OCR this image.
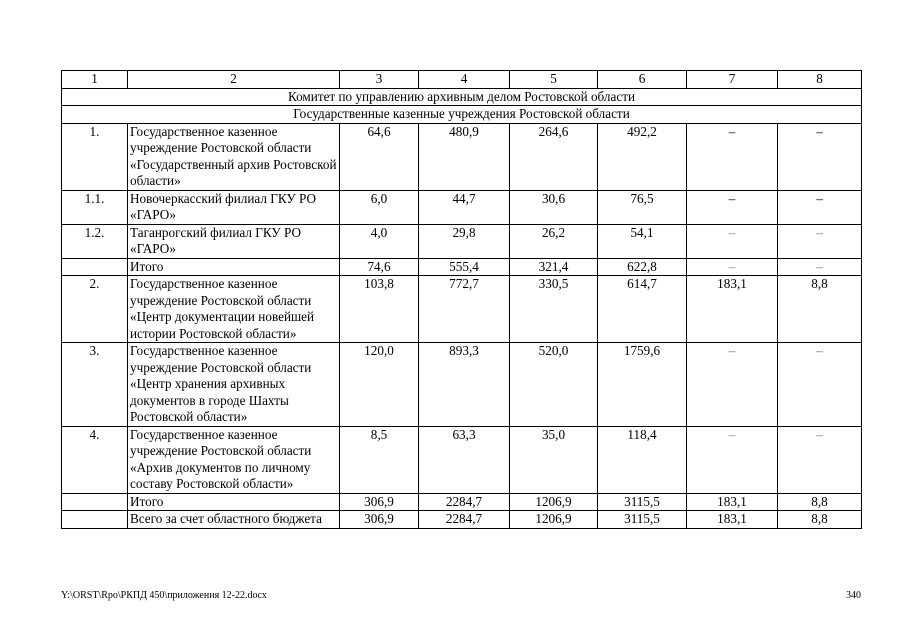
1	2	3	4	5	6	7	8
Комитет по управлению архивным делом Ростовской области							
Государственные казенные учреждения Ростовской области							
1.	Государственное казенное учреждение Ростовской области «Государственный архив Ростовской области»	64,6	480,9	264,6	492,2	–	–
1.1.	Новочеркасский филиал ГКУ РО «ГАРО»	6,0	44,7	30,6	76,5	–	–
1.2.	Таганрогский филиал ГКУ РО «ГАРО»	4,0	29,8	26,2	54,1	–	–
	Итого	74,6	555,4	321,4	622,8	–	–
2.	Государственное казенное учреждение Ростовской области «Центр документации новейшей истории Ростовской области»	103,8	772,7	330,5	614,7	183,1	8,8
3.	Государственное казенное учреждение Ростовской области «Центр хранения архивных документов в городе Шахты Ростовской области»	120,0	893,3	520,0	1759,6	–	–
4.	Государственное казенное учреждение Ростовской области «Архив документов по личному составу Ростовской области»	8,5	63,3	35,0	118,4	–	–
	Итого	306,9	2284,7	1206,9	3115,5	183,1	8,8
	Всего за счет областного бюджета	306,9	2284,7	1206,9	3115,5	183,1	8,8
Y:\ORST\Rpo\РКПД 450\приложения 12-22.docx	340
